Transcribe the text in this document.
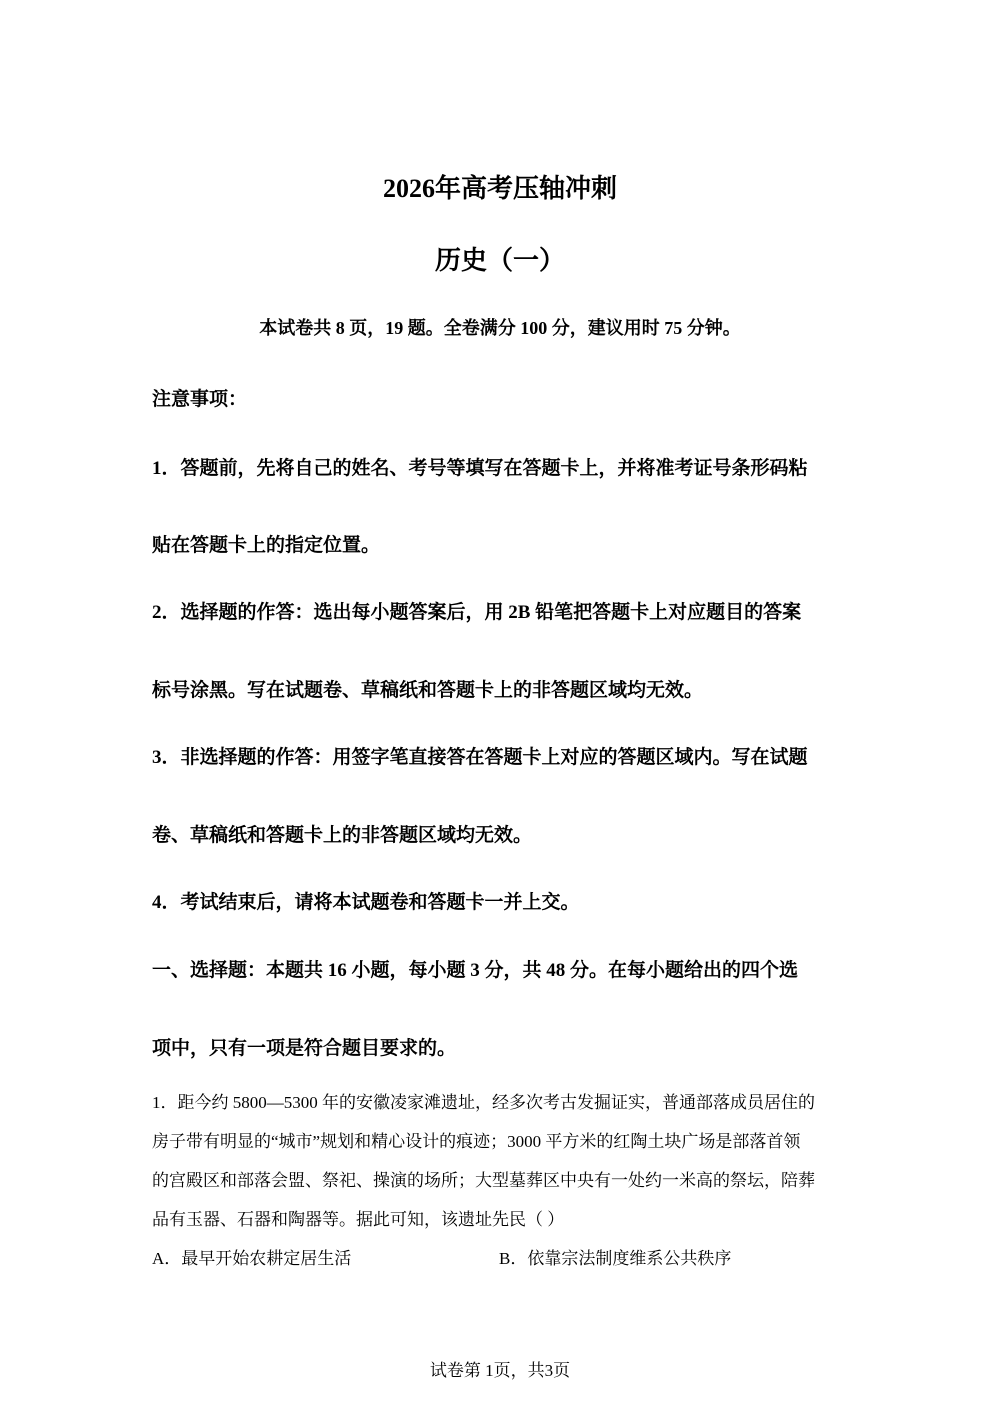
2026年高考压轴冲刺
历史（一）
本试卷共 8 页，19 题。全卷满分 100 分，建议用时 75 分钟。
注意事项：
1．答题前，先将自己的姓名、考号等填写在答题卡上，并将准考证号条形码粘
贴在答题卡上的指定位置。
2．选择题的作答：选出每小题答案后，用 2B 铅笔把答题卡上对应题目的答案
标号涂黑。写在试题卷、草稿纸和答题卡上的非答题区域均无效。
3．非选择题的作答：用签字笔直接答在答题卡上对应的答题区域内。写在试题
卷、草稿纸和答题卡上的非答题区域均无效。
4．考试结束后，请将本试题卷和答题卡一并上交。
一、选择题：本题共 16 小题，每小题 3 分，共 48 分。在每小题给出的四个选
项中，只有一项是符合题目要求的。
1．距今约 5800—5300 年的安徽凌家滩遗址，经多次考古发掘证实，普通部落成员居住的
房子带有明显的“城市”规划和精心设计的痕迹；3000 平方米的红陶土块广场是部落首领
的宫殿区和部落会盟、祭祀、操演的场所；大型墓葬区中央有一处约一米高的祭坛，陪葬
品有玉器、石器和陶器等。据此可知，该遗址先民（ ）
A．最早开始农耕定居生活	B．依靠宗法制度维系公共秩序
试卷第 1页，共3页
